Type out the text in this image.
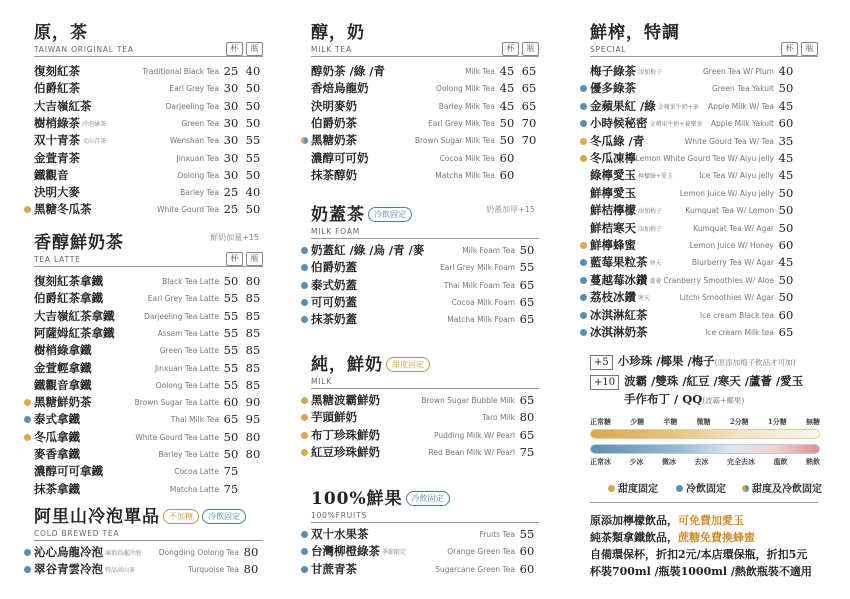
原，茶
TAIWAN ORIGINAL TEA	杯	瓶
復刻紅茶	Traditional Black Tea 25 40
伯爵紅茶	Earl Grey Tea 30 50
大吉嶺紅茶	Darjeeling Tea 30 50
樹梢綠茶 冷泡綠茶	Green Tea 30 50
双十青茶 文山青茶	Wenshan Tea 30 55
金萱青茶	Jinxuan Tea 30 55
鐵觀音	Oolong Tea 30 50
決明大麥	Barley Tea 25 40
黑糖冬瓜茶	White Gourd Tea 25 50
香醇鮮奶茶
TEA LATTE	杯	瓶
鮮奶加量+15
復刻紅茶拿鐵	Black Tea Latte 50 80
伯爵紅茶拿鐵	Earl Grey Tea Latte 55 85
大吉嶺紅茶拿鐵	Darjeeling Tea Latte 55 85
阿薩姆紅茶拿鐵	Assam Tea Latte 55 85
樹梢綠拿鐵	Green Tea Latte 55 85
金萱輕拿鐵	Jinxuan Tea Latte 55 85
鐵觀音拿鐵	Oolong Tea Latte 55 85
黑糖鮮奶茶	Brown Sugar Tea Latte 60 90
泰式拿鐵	Thai Milk Tea 65 95
冬瓜拿鐵	White Gourd Tea Latte 50 80
麥香拿鐵	Barley Tea Latte 50 80
濃醇可可拿鐵	Cocoa Latte 75
抹茶拿鐵	Matcha Latte 75
阿里山冷泡單品 不加糖 冷飲固定
COLD BREWED TEA
沁心烏龍冷泡 凍頂烏龍冷泡 Dongding Oolong Tea 80
翠谷青雲冷泡 特品高山茶	Turquoise Tea 80
醇，奶
MILK TEA	杯	瓶
醇奶茶 /綠 /青	Milk Tea 45 65
香焙烏龍奶	Oolong Milk Tea 45 65
決明麥奶	Barley Milk Tea 45 65
伯爵奶茶	Earl Grey Milk Tea 50 70
黑糖奶茶	Brown Sugar Milk Tea 50 70
濃醇可可奶	Cocoa Milk Tea 60
抹茶醇奶	Matcha Milk Tea 60
奶蓋茶 冷飲固定
MILK FOAM
奶蓋加厚+15
奶蓋紅 /綠 /烏 /青 /麥	Milk Foam Tea 50
伯爵奶蓋	Earl Grey Milk Foam 55
泰式奶蓋	Thai Milk Foam Tea 65
可可奶蓋	Cocoa Milk Foam 65
抹茶奶蓋	Matcha Milk Foam 65
純，鮮奶 甜度固定
MILK
黑糖波霸鮮奶	Brown Sugar Bubble Milk 65
芋頭鮮奶	Taro Milk 80
布丁珍珠鮮奶	Pudding Milk W/ Pearl 65
紅豆珍珠鮮奶	Red Bean Milk W/ Pearl 75
100%鮮果 冷飲固定
100%FRUITS
双十水果茶	Fruits Tea 55
台灣柳橙綠茶 季節限定	Orange Green Tea 60
甘蔗青茶	Sugarcane Green Tea 60
+5 小珍珠 /椰果 /梅子(原添加梅子飲品才可加)
+10 波霸 /雙珠 /紅豆 /寒天 /蘆薈 /愛玉
手作布丁 / QQ(波霸+椰果)
正常糖	少糖	半糖	微糖	2分糖	1分糖	無糖
正常冰	少冰	微冰	去冰	完全去冰	溫飲	熱飲
甜度固定	冷飲固定	甜度及冷飲固定
原添加檸檬飲品，可免費加愛玉
純茶類拿鐵飲品，蔗糖免費換蜂蜜
自備環保杯，折扣2元/本店環保瓶，折扣5元
杯裝700ml /瓶裝1000ml /熱飲瓶裝不適用
鮮榨，特調
SPECIAL	杯	瓶
梅子綠茶 添加梅子	Green Tea W/ Plum 40
優多綠茶	Green Tea Yakult 50
金蘋果紅 /綠 金蘋果牛奶+茶 Apple Milk W/ Tea 45
小時候秘密 金蘋果牛奶+養樂多 Apple Milk Yakult 60
冬瓜綠 /青	White Gourd Tea W/ Tea 35
冬瓜凍檸 Lemon White Gourd Tea W/ Aiyu jelly 45
綠檸愛玉 檸檬綠+愛玉	Ice Tea W/ Aiyu jelly 45
鮮檸愛玉	Lemon Juice W/ Aiyu jelly 50
鮮桔檸檬 添加梅子	Kumquat Tea W/ Lemon 50
鮮桔寒天 添加梅子	Kumquat Tea W/ Agar 50
鮮檸蜂蜜	Lemon Juice W/ Honey 60
藍莓果粒茶 寒天	Blurberry Tea W/ Agar 45
蔓越莓冰鑽 蘆薈 Cranberry Smoothies W/ Aloe 50
荔枝冰鑽 寒天	Litchi Smoothies W/ Agar 50
冰淇淋紅茶	Ice cream Black tea 60
冰淇淋奶茶	Ice cream Milk tea 65
